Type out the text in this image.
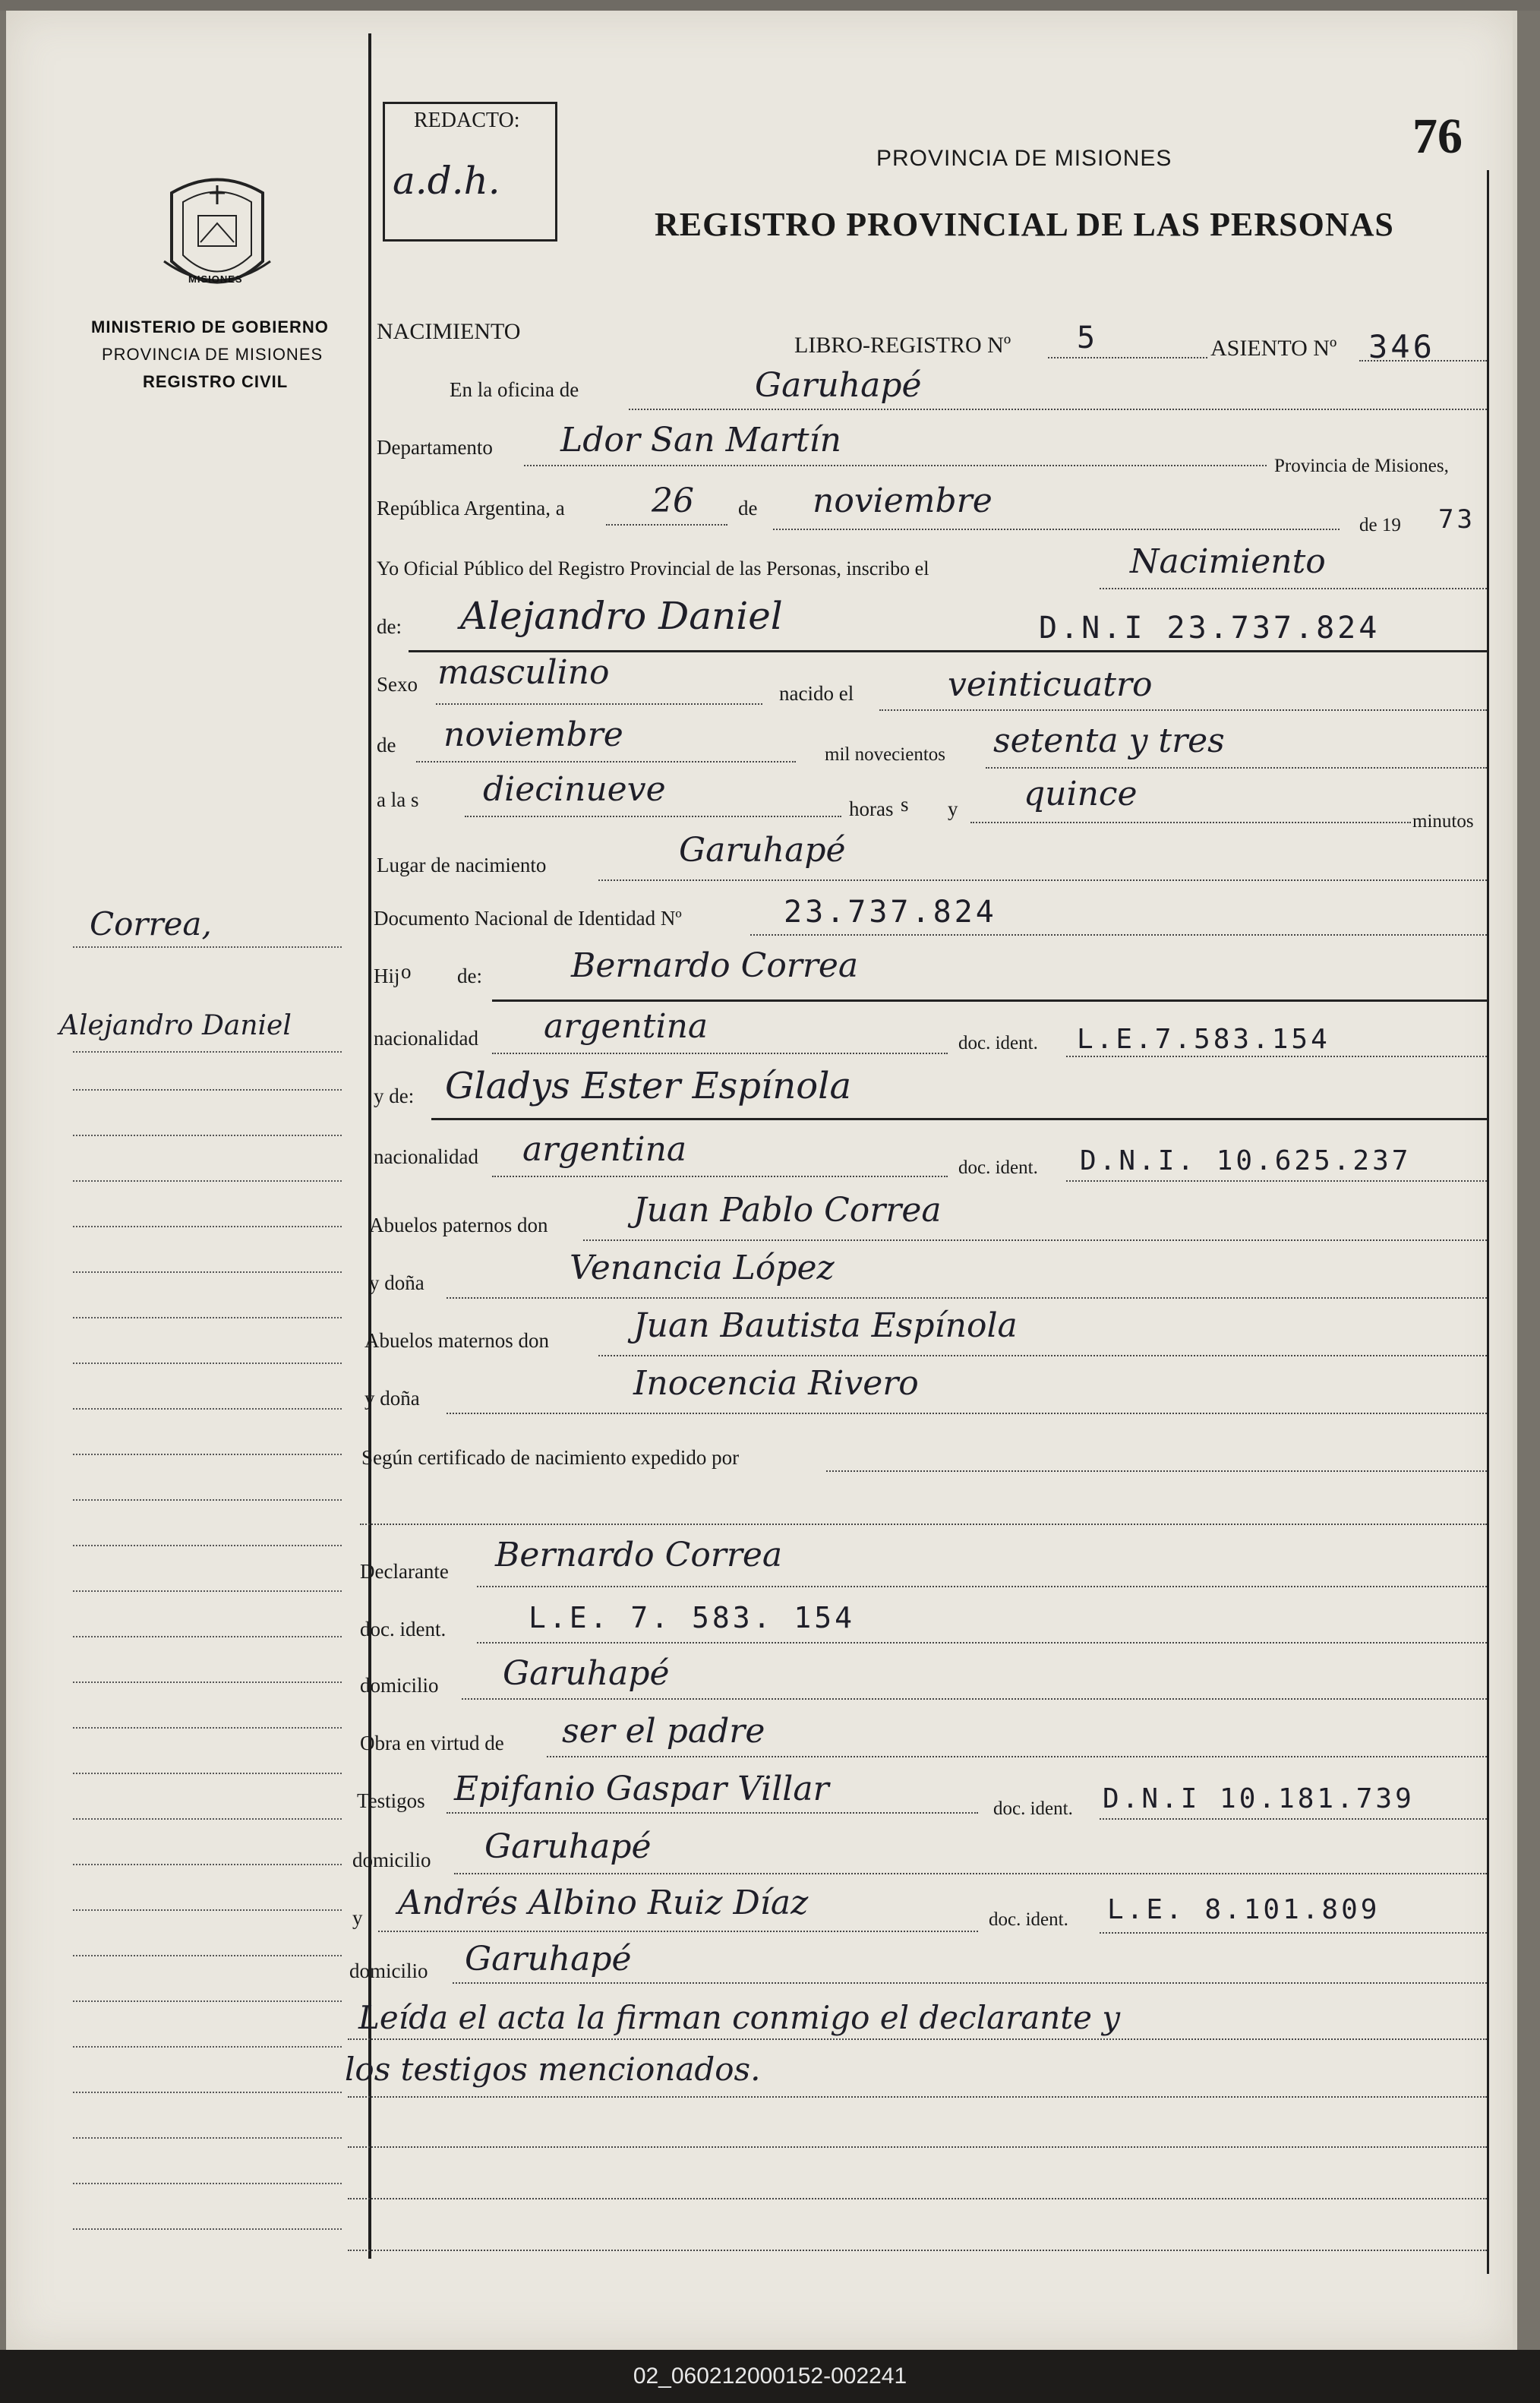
MISIONES
MINISTERIO DE GOBIERNO
PROVINCIA DE MISIONES
REGISTRO CIVIL
Correa,
Alejandro Daniel
REDACTO:
a.d.h.
76
PROVINCIA DE MISIONES
REGISTRO PROVINCIAL DE LAS PERSONAS
NACIMIENTO
LIBRO-REGISTRO Nº 5	ASIENTO Nº 346
En la oficina de	Garuhapé
Departamento Ldor San Martín
Provincia de Misiones,
República Argentina, a	26 de noviembre
de 19 73
Yo Oficial Público del Registro Provincial de las Personas, inscribo el	Nacimiento
de: Alejandro Daniel	D.N.I 23.737.824
Sexo masculino
nacido el	veinticuatro
de noviembre
mil novecientos setenta y tres
a la s diecinueve	horas s y quince
minutos
Lugar de nacimiento	Garuhapé
Documento Nacional de Identidad Nº	23.737.824
Hij o de:	Bernardo Correa
nacionalidad argentina	doc. ident. L.E.7.583.154
y de: Gladys Ester Espínola
nacionalidad argentina	doc. ident. D.N.I. 10.625.237
Abuelos paternos don	Juan Pablo Correa
y doña	Venancia López
Abuelos maternos don	Juan Bautista Espínola
y doña	Inocencia Rivero
Según certificado de nacimiento expedido por
Declarante Bernardo Correa
doc. ident.	L.E. 7. 583. 154
domicilio Garuhapé
Obra en virtud de ser el padre
Testigos Epifanio Gaspar Villar
doc. ident. D.N.I 10.181.739
domicilio Garuhapé
y Andrés Albino Ruiz Díaz	doc. ident. L.E. 8.101.809
domicilio Garuhapé
Leída el acta la firman conmigo el declarante y
los testigos mencionados.
02_060212000152-002241
